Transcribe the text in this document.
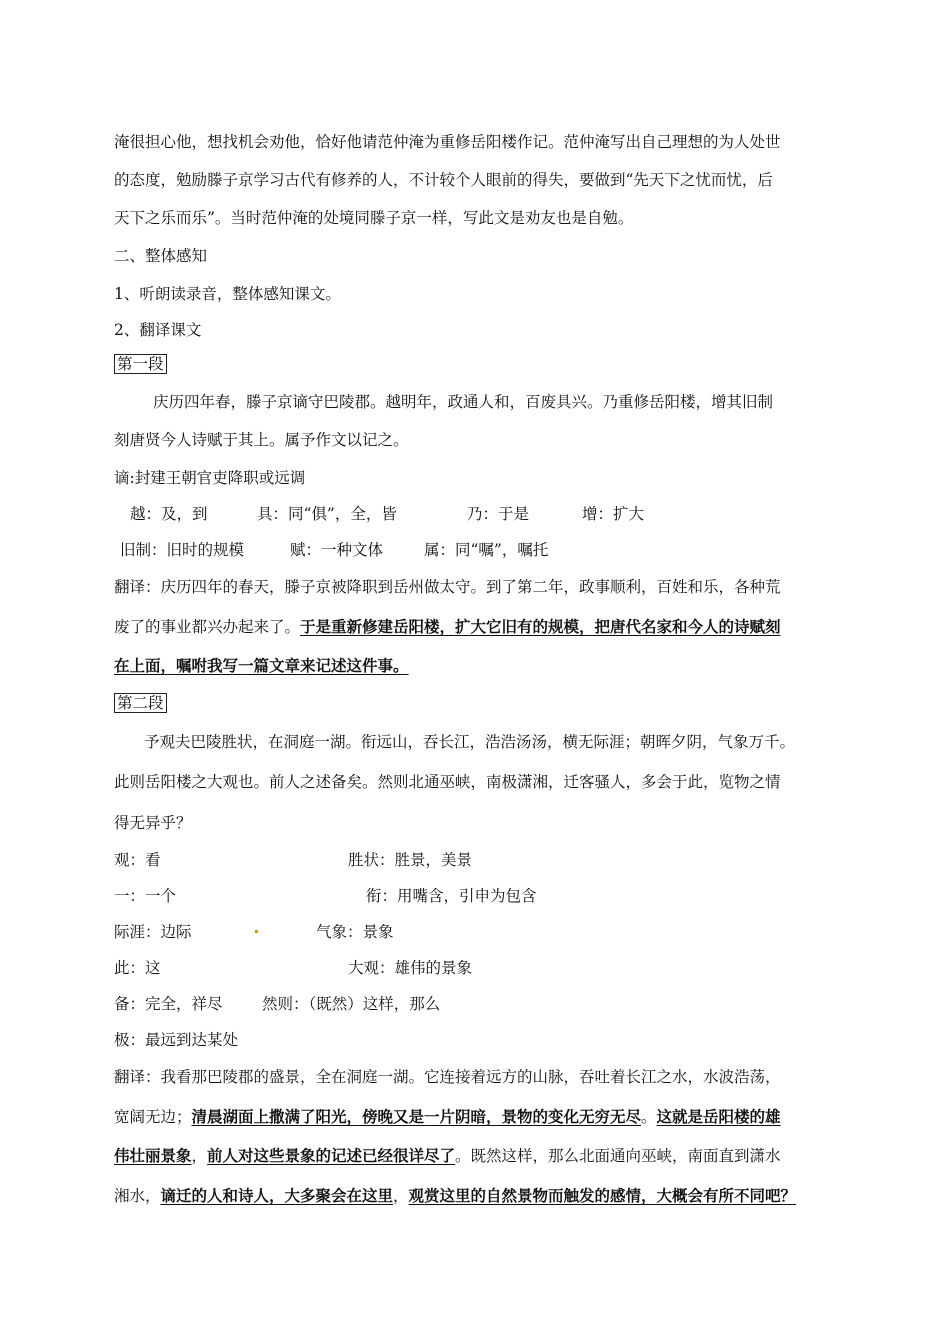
淹很担心他，想找机会劝他，恰好他请范仲淹为重修岳阳楼作记。范仲淹写出自己理想的为人处世
的态度，勉励滕子京学习古代有修养的人，不计较个人眼前的得失，要做到“先天下之忧而忧，后
天下之乐而乐”。当时范仲淹的处境同滕子京一样，写此文是劝友也是自勉。
二、整体感知
1、听朗读录音，整体感知课文。
2、翻译课文
第一段
庆历四年春，滕子京谪守巴陵郡。越明年，政通人和，百废具兴。乃重修岳阳楼，增其旧制
刻唐贤今人诗赋于其上。属予作文以记之。
谪:封建王朝官吏降职或远调
越：及，到	具：同“俱”，全，皆	乃：于是	增：扩大
旧制：旧时的规模	赋：一种文体	属：同“嘱”，嘱托
翻译：庆历四年的春天，滕子京被降职到岳州做太守。到了第二年，政事顺利，百姓和乐，各种荒
废了的事业都兴办起来了。于是重新修建岳阳楼，扩大它旧有的规模，把唐代名家和今人的诗赋刻
在上面，嘱咐我写一篇文章来记述这件事。
第二段
予观夫巴陵胜状，在洞庭一湖。衔远山，吞长江，浩浩汤汤，横无际涯；朝晖夕阴，气象万千。
此则岳阳楼之大观也。前人之述备矣。然则北通巫峡，南极潇湘，迁客骚人，多会于此，览物之情
得无异乎？
观：看	胜状：胜景，美景
一：一个	衔：用嘴含，引申为包含
际涯：边际	气象：景象
此：这	大观：雄伟的景象
备：完全，祥尽	然则：（既然）这样，那么
极：最远到达某处
翻译：我看那巴陵郡的盛景，全在洞庭一湖。它连接着远方的山脉，吞吐着长江之水，水波浩荡，
宽阔无边；清晨湖面上撒满了阳光，傍晚又是一片阴暗，景物的变化无穷无尽。这就是岳阳楼的雄
伟壮丽景象，前人对这些景象的记述已经很详尽了。既然这样，那么北面通向巫峡，南面直到潇水
湘水，谪迁的人和诗人，大多聚会在这里，观赏这里的自然景物而触发的感情，大概会有所不同吧？
